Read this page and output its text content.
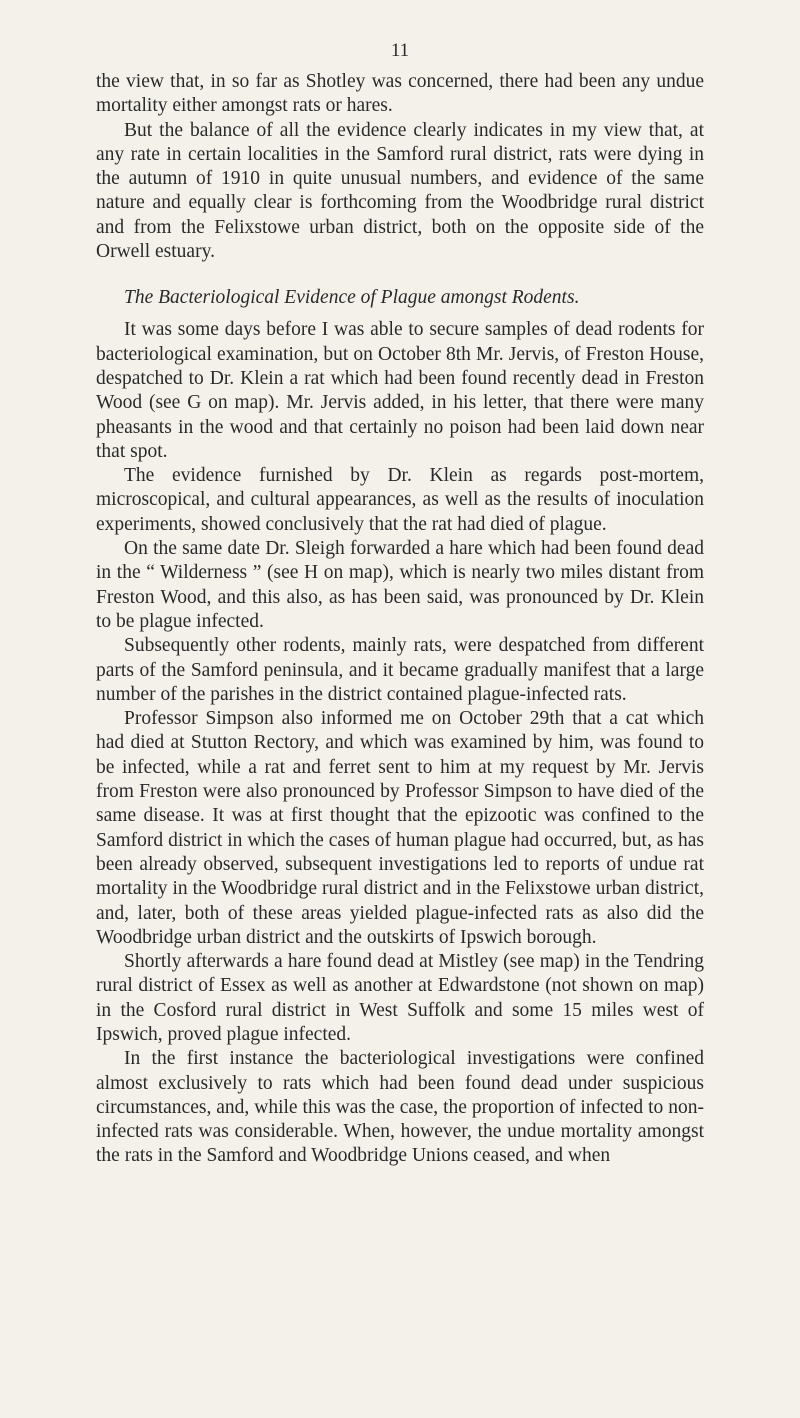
11

the view that, in so far as Shotley was concerned, there had been any undue mortality either amongst rats or hares.

But the balance of all the evidence clearly indicates in my view that, at any rate in certain localities in the Samford rural district, rats were dying in the autumn of 1910 in quite unusual numbers, and evidence of the same nature and equally clear is forthcoming from the Woodbridge rural district and from the Felixstowe urban district, both on the opposite side of the Orwell estuary.

The Bacteriological Evidence of Plague amongst Rodents.

It was some days before I was able to secure samples of dead rodents for bacteriological examination, but on October 8th Mr. Jervis, of Freston House, despatched to Dr. Klein a rat which had been found recently dead in Freston Wood (see G on map). Mr. Jervis added, in his letter, that there were many pheasants in the wood and that certainly no poison had been laid down near that spot.

The evidence furnished by Dr. Klein as regards post-mortem, microscopical, and cultural appearances, as well as the results of inoculation experiments, showed conclusively that the rat had died of plague.

On the same date Dr. Sleigh forwarded a hare which had been found dead in the “ Wilderness ” (see H on map), which is nearly two miles distant from Freston Wood, and this also, as has been said, was pronounced by Dr. Klein to be plague infected.

Subsequently other rodents, mainly rats, were despatched from different parts of the Samford peninsula, and it became gradually manifest that a large number of the parishes in the district contained plague-infected rats.

Professor Simpson also informed me on October 29th that a cat which had died at Stutton Rectory, and which was examined by him, was found to be infected, while a rat and ferret sent to him at my request by Mr. Jervis from Freston were also pronounced by Professor Simpson to have died of the same disease. It was at first thought that the epizootic was confined to the Samford district in which the cases of human plague had occurred, but, as has been already observed, subsequent investigations led to reports of undue rat mortality in the Woodbridge rural district and in the Felixstowe urban district, and, later, both of these areas yielded plague-infected rats as also did the Woodbridge urban district and the outskirts of Ipswich borough.

Shortly afterwards a hare found dead at Mistley (see map) in the Tendring rural district of Essex as well as another at Edwardstone (not shown on map) in the Cosford rural district in West Suffolk and some 15 miles west of Ipswich, proved plague infected.

In the first instance the bacteriological investigations were confined almost exclusively to rats which had been found dead under suspicious circumstances, and, while this was the case, the proportion of infected to non-infected rats was considerable. When, however, the undue mortality amongst the rats in the Samford and Woodbridge Unions ceased, and when
